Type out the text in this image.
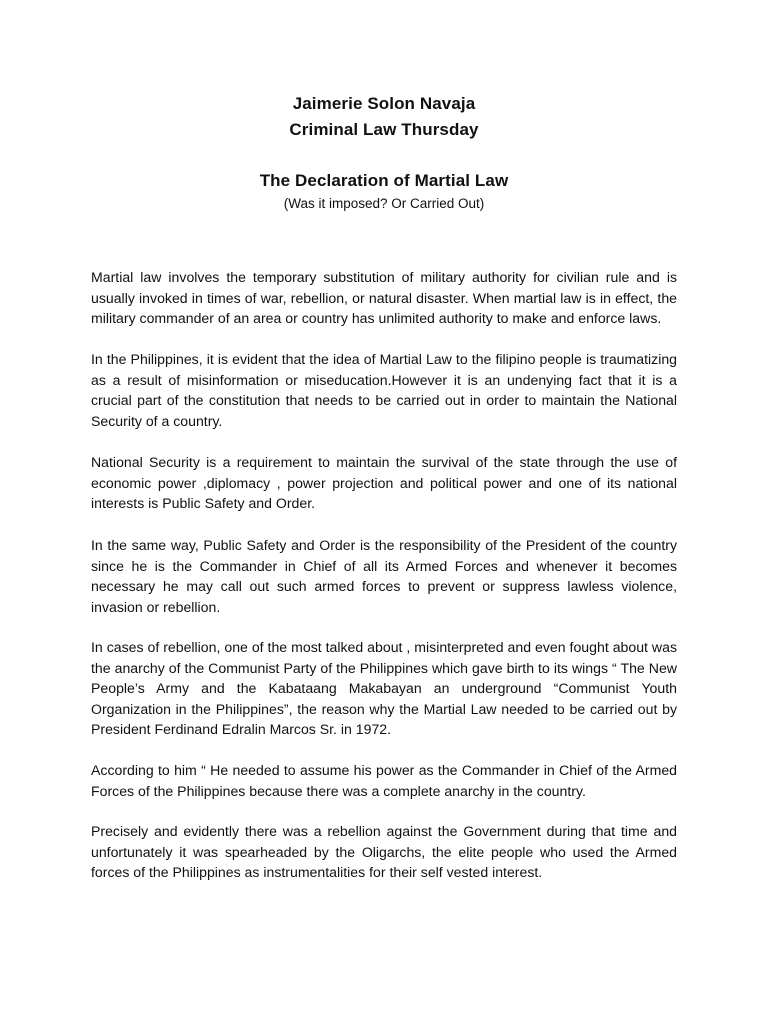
Jaimerie Solon Navaja
Criminal Law Thursday
The Declaration of Martial Law
(Was it imposed? Or Carried Out)

Martial law involves the temporary substitution of military authority for civilian rule and is usually invoked in times of war, rebellion, or natural disaster. When martial law is in effect, the military commander of an area or country has unlimited authority to make and enforce laws.

In the Philippines, it is evident that the idea of Martial Law to the filipino people is traumatizing as a result of misinformation or miseducation.However it is an undenying fact that it is a crucial part of the constitution that needs to be carried out in order to maintain the National Security of a country.

National Security is a requirement to maintain the survival of the state through the use of economic power ,diplomacy , power projection and political power and one of its national interests is Public Safety and Order.

In the same way, Public Safety and Order is the responsibility of the President of the country since he is the Commander in Chief of all its Armed Forces and whenever it becomes necessary he may call out such armed forces to prevent or suppress lawless violence, invasion or rebellion.

In cases of rebellion, one of the most talked about , misinterpreted and even fought about was the anarchy of the Communist Party of the Philippines which gave birth to its wings “ The New People’s Army and the Kabataang Makabayan an underground “Communist Youth Organization in the Philippines”, the reason why the Martial Law needed to be carried out by President Ferdinand Edralin Marcos Sr. in 1972.

According to him “ He needed to assume his power as the Commander in Chief of the Armed Forces of the Philippines because there was a complete anarchy in the country.

Precisely and evidently there was a rebellion against the Government during that time and unfortunately it was spearheaded by the Oligarchs, the elite people who used the Armed forces of the Philippines as instrumentalities for their self vested interest.
